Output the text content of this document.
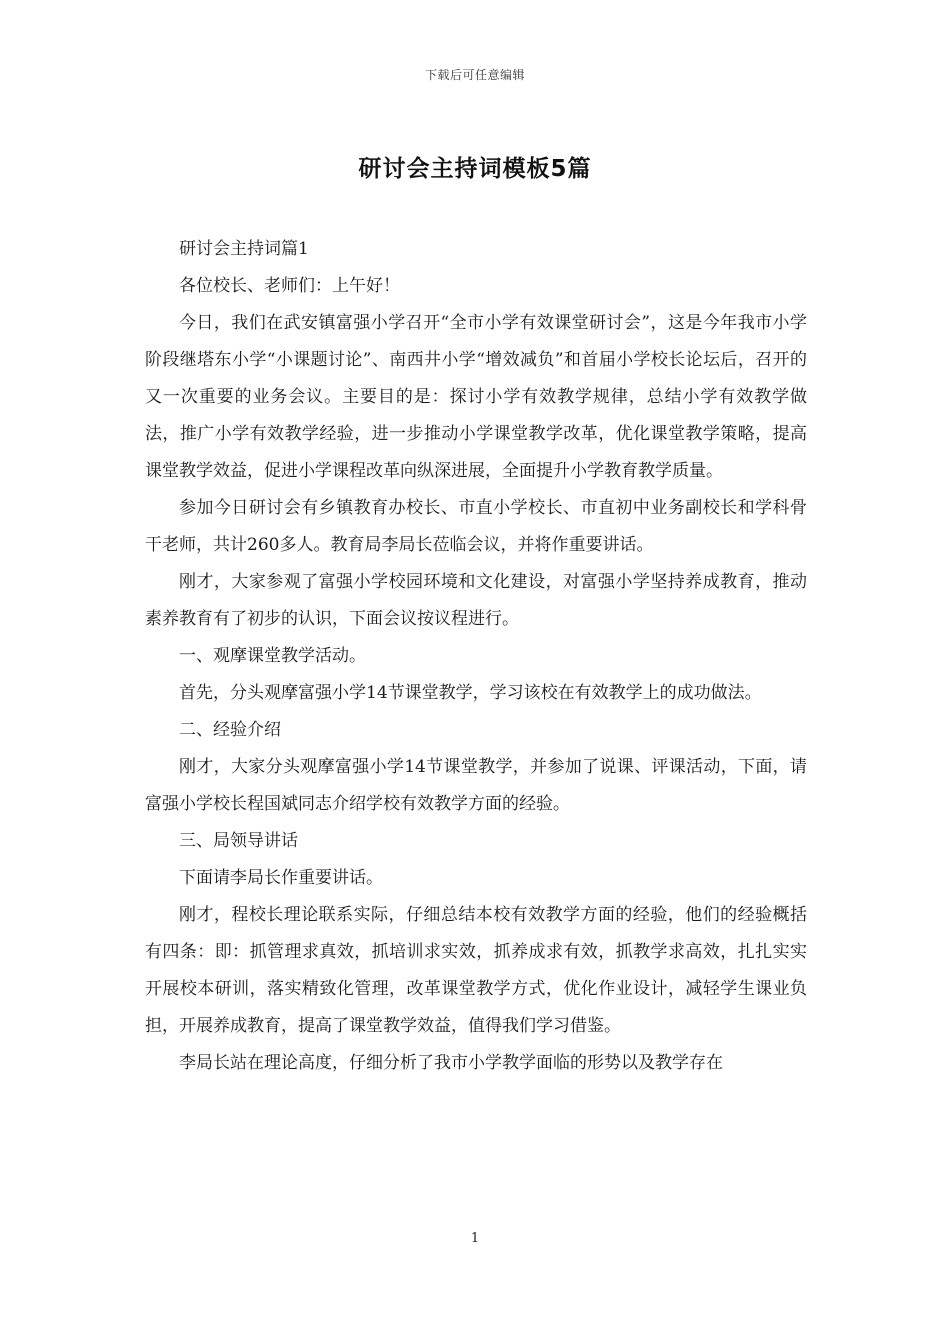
下载后可任意编辑
研讨会主持词模板5篇

研讨会主持词篇1

各位校长、老师们：上午好！

今日，我们在武安镇富强小学召开“全市小学有效课堂研讨会”，这是今年我市小学阶段继塔东小学“小课题讨论”、南西井小学“增效减负”和首届小学校长论坛后，召开的又一次重要的业务会议。主要目的是：探讨小学有效教学规律，总结小学有效教学做法，推广小学有效教学经验，进一步推动小学课堂教学改革，优化课堂教学策略，提高课堂教学效益，促进小学课程改革向纵深进展，全面提升小学教育教学质量。

参加今日研讨会有乡镇教育办校长、市直小学校长、市直初中业务副校长和学科骨干老师，共计260多人。教育局李局长莅临会议，并将作重要讲话。

刚才，大家参观了富强小学校园环境和文化建设，对富强小学坚持养成教育，推动素养教育有了初步的认识，下面会议按议程进行。

一、观摩课堂教学活动。

首先，分头观摩富强小学14节课堂教学，学习该校在有效教学上的成功做法。

二、经验介绍

刚才，大家分头观摩富强小学14节课堂教学，并参加了说课、评课活动，下面，请富强小学校长程国斌同志介绍学校有效教学方面的经验。

三、局领导讲话

下面请李局长作重要讲话。

刚才，程校长理论联系实际，仔细总结本校有效教学方面的经验，他们的经验概括有四条：即：抓管理求真效，抓培训求实效，抓养成求有效，抓教学求高效，扎扎实实开展校本研训，落实精致化管理，改革课堂教学方式，优化作业设计，减轻学生课业负担，开展养成教育，提高了课堂教学效益，值得我们学习借鉴。

李局长站在理论高度，仔细分析了我市小学教学面临的形势以及教学存在

1
